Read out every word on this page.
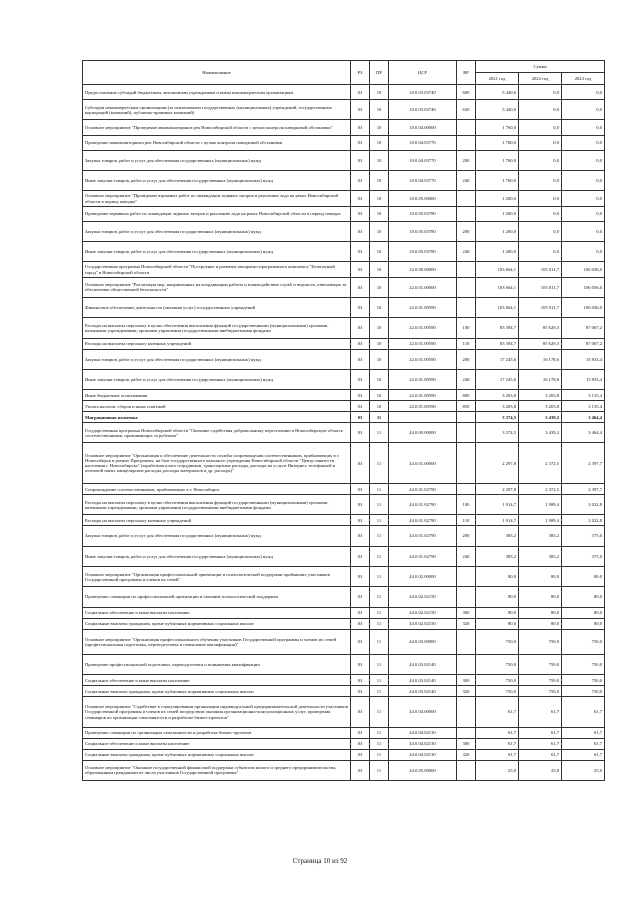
Наименование	РЗ	ПР	ЦСР	ВР	Сумма		
					2021 год	2022 год	2023 год
Предоставление субсидий бюджетным, автономным учреждениям и иным некоммерческим организациям	03	10	10.0.03.03740	600	5 440,6	0,0	0,0
Субсидии некоммерческим организациям (за исключением государственных (муниципальных) учреждений, государственных корпораций (компаний), публично-правовых компаний)	03	10	10.0.03.03740	630	5 440,6	0,0	0,0
Основное мероприятие "Проведение авиамониторинга рек Новосибирской области с целью контроля паводковой обстановки"	03	10	10.0.04.00000		1 760,0	0,0	0,0
Проведение авиамониторинга рек Новосибирской области с целью контроля паводковой обстановки	03	10	10.0.04.03770		1 760,0	0,0	0,0
Закупка товаров, работ и услуг для обеспечения государственных (муниципальных) нужд	03	10	10.0.04.03770	200	1 760,0	0,0	0,0
Иные закупки товаров, работ и услуг для обеспечения государственных (муниципальных) нужд	03	10	10.0.04.03770	240	1 760,0	0,0	0,0
Основное мероприятие "Проведение взрывных работ по ликвидации ледяных заторов и рыхлению льда на реках Новосибирской области в период паводка"	03	10	10.0.05.00000		1 200,0	0,0	0,0
Проведение взрывных работ по ликвидации ледяных заторов и рыхлению льда на реках Новосибирской области в период паводка	03	10	10.0.05.03780		1 200,0	0,0	0,0
Закупка товаров, работ и услуг для обеспечения государственных (муниципальных) нужд	03	10	10.0.05.03780	200	1 200,0	0,0	0,0
Иные закупки товаров, работ и услуг для обеспечения государственных (муниципальных) нужд	03	10	10.0.05.03780	240	1 200,0	0,0	0,0
Государственная программа Новосибирской области "Построение и развитие аппаратно-программного комплекса "Безопасный город" в Новосибирской области	03	10	22.0.00.00000		103 664,1	105 011,7	106 036,0
Основное мероприятие "Реализация мер, направленных на координацию работы и взаимодействие служб и ведомств, отвечающих за обеспечение общественной безопасности"	03	10	22.0.01.00000		103 664,1	105 011,7	106 036,0
Финансовое обеспечение деятельности (оказания услуг) государственных учреждений	03	10	22.0.01.00590		103 664,1	105 011,7	106 036,0
Расходы на выплаты персоналу в целях обеспечения выполнения функций государственными (муниципальными) органами, казенными учреждениями, органами управления государственными внебюджетными фондами	03	10	22.0.01.00590	100	83 394,7	85 629,3	87 067,2
Расходы на выплаты персоналу казенных учреждений	03	10	22.0.01.00590	110	83 394,7	85 629,3	87 067,2
Закупка товаров, работ и услуг для обеспечения государственных (муниципальных) нужд	03	10	22.0.01.00590	200	17 245,6	16 178,6	15 833,4
Иные закупки товаров, работ и услуг для обеспечения государственных (муниципальных) нужд	03	10	22.0.01.00590	240	17 245,6	16 178,6	15 833,4
Иные бюджетные ассигнования	03	10	22.0.01.00590	800	3 203,8	3 203,8	3 135,4
Уплата налогов, сборов и иных платежей	03	10	22.0.01.00590	850	3 203,8	3 203,8	3 135,4
Миграционная политика	03	11			3 374,5	3 439,2	3 464,4
Государственная программа Новосибирской области "Оказание содействия добровольному переселению в Новосибирскую область соотечественников, проживающих за рубежом"	03	11	44.0.00.00000		3 374,5	3 439,2	3 464,4
Основное мероприятие "Организация и обеспечение деятельности службы сопровождения соотечественников, прибывающих в г. Новосибирск в рамках Программы, на базе государственного казенного учреждения Новосибирской области "Центр занятости населения г. Новосибирска" (заработная плата сотрудников, транспортные расходы, расходы на услуги Интернет, телефонной и почтовой связи, канцелярские расходы, расходы материалов и др. расходы)"	03	11	44.0.01.00000		2 297,8	2 372,5	2 397,7
Сопровождение соотечественников, прибывающих в г. Новосибирск	03	11	44.0.01.02790		2 297,8	2 372,5	2 397,7
Расходы на выплаты персоналу в целях обеспечения выполнения функций государственными (муниципальными) органами, казенными учреждениями, органами управления государственными внебюджетными фондами	03	11	44.0.01.02790	100	1 914,7	1 989,4	2 022,8
Расходы на выплаты персоналу казенных учреждений	03	11	44.0.01.02790	110	1 914,7	1 989,4	2 022,8
Закупка товаров, работ и услуг для обеспечения государственных (муниципальных) нужд	03	11	44.0.01.02790	200	383,2	383,2	375,0
Иные закупки товаров, работ и услуг для обеспечения государственных (муниципальных) нужд	03	11	44.0.01.02790	240	383,2	383,2	375,0
Основное мероприятие "Организация профессиональной ориентации и психологической поддержки прибывших участников Государственной программы и членов их семей"	03	11	44.0.02.00000		80,0	80,0	80,0
Проведение семинаров по профессиональной ориентации и оказание психологической поддержки	03	11	44.0.02.02150		80,0	80,0	80,0
Социальное обеспечение и иные выплаты населению	03	11	44.0.02.02150	300	80,0	80,0	80,0
Социальные выплаты гражданам, кроме публичных нормативных социальных выплат	03	11	44.0.02.02150	320	80,0	80,0	80,0
Основное мероприятие "Организация профессионального обучения участников Государственной программы и членов их семей (профессиональная подготовка, переподготовка и повышение квалификации)"	03	11	44.0.03.00000		750,0	750,0	750,0
Проведение профессиональной подготовки, переподготовки и повышения квалификации	03	11	44.0.03.02140		750,0	750,0	750,0
Социальное обеспечение и иные выплаты населению	03	11	44.0.03.02140	300	750,0	750,0	750,0
Социальные выплаты гражданам, кроме публичных нормативных социальных выплат	03	11	44.0.03.02140	320	750,0	750,0	750,0
Основное мероприятие "Содействие в стимулировании организации индивидуальной предпринимательской деятельности участников Государственной программы и членов их семей посредством оказания организационно-консультационных услуг, проведения семинаров по организации самозанятости и разработке бизнес-проектов"	03	11	44.0.04.00000		61,7	61,7	61,7
Проведение семинаров по организации самозанятости и разработке бизнес-проектов	03	11	44.0.04.02130		61,7	61,7	61,7
Социальное обеспечение и иные выплаты населению	03	11	44.0.04.02130	300	61,7	61,7	61,7
Социальные выплаты гражданам, кроме публичных нормативных социальных выплат	03	11	44.0.04.02130	320	61,7	61,7	61,7
Основное мероприятие "Оказание государственной финансовой поддержки субъектам малого и среднего предпринимательства, образованным гражданами из числа участников Государственной программы"	03	11	44.0.05.00000		25,0	25,0	25,0
Страница 10 из 92
